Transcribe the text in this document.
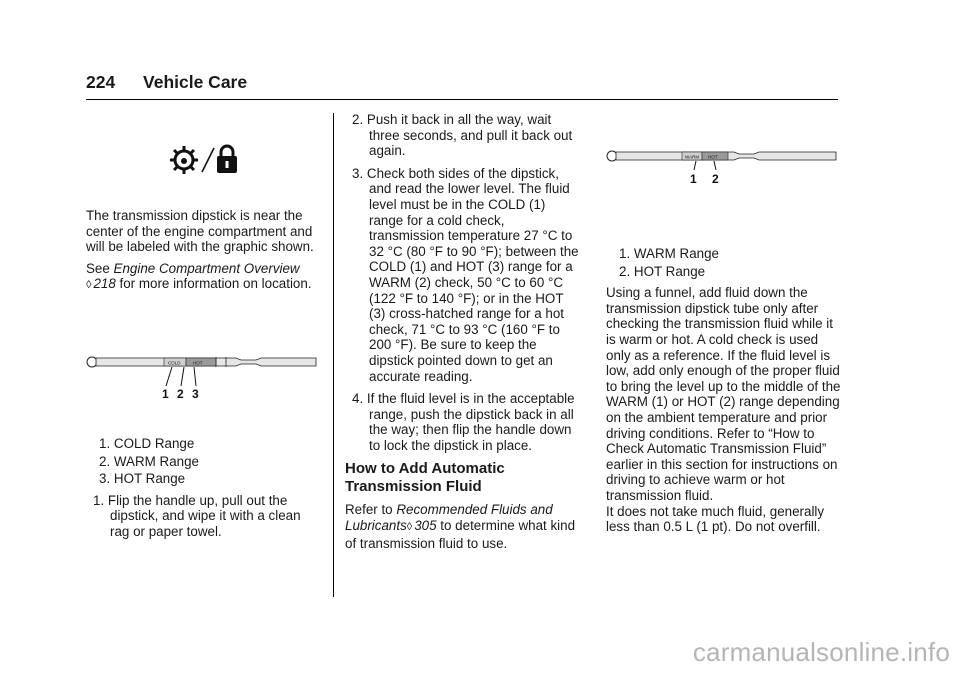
224 Vehicle Care

The transmission dipstick is near the center of the engine compartment and will be labeled with the graphic shown.

See Engine Compartment Overview
◊ 218 for more information on location.

COLD	HOT
1 2 3
1. COLD Range
2. WARM Range
3. HOT Range
1. Flip the handle up, pull out the dipstick, and wipe it with a clean rag or paper towel.
2. Push it back in all the way, wait three seconds, and pull it back out again.
3. Check both sides of the dipstick, and read the lower level. The fluid level must be in the COLD (1) range for a cold check, transmission temperature 27 °C to 32 °C (80 °F to 90 °F); between the COLD (1) and HOT (3) range for a WARM (2) check, 50 °C to 60 °C (122 °F to 140 °F); or in the HOT (3) cross-hatched range for a hot check, 71 °C to 93 °C (160 °F to 200 °F). Be sure to keep the dipstick pointed down to get an accurate reading.
4. If the fluid level is in the acceptable range, push the dipstick back in all the way; then flip the handle down to lock the dipstick in place.
How to Add Automatic Transmission Fluid

Refer to Recommended Fluids and Lubricants◊ 305 to determine what kind of transmission fluid to use.

WARM HOT
1 2
1. WARM Range
2. HOT Range

Using a funnel, add fluid down the transmission dipstick tube only after checking the transmission fluid while it is warm or hot. A cold check is used only as a reference. If the fluid level is low, add only enough of the proper fluid to bring the level up to the middle of the WARM (1) or HOT (2) range depending on the ambient temperature and prior driving conditions. Refer to “How to Check Automatic Transmission Fluid” earlier in this section for instructions on driving to achieve warm or hot transmission fluid.

It does not take much fluid, generally less than 0.5 L (1 pt). Do not overfill.

carmanualsonline.info
